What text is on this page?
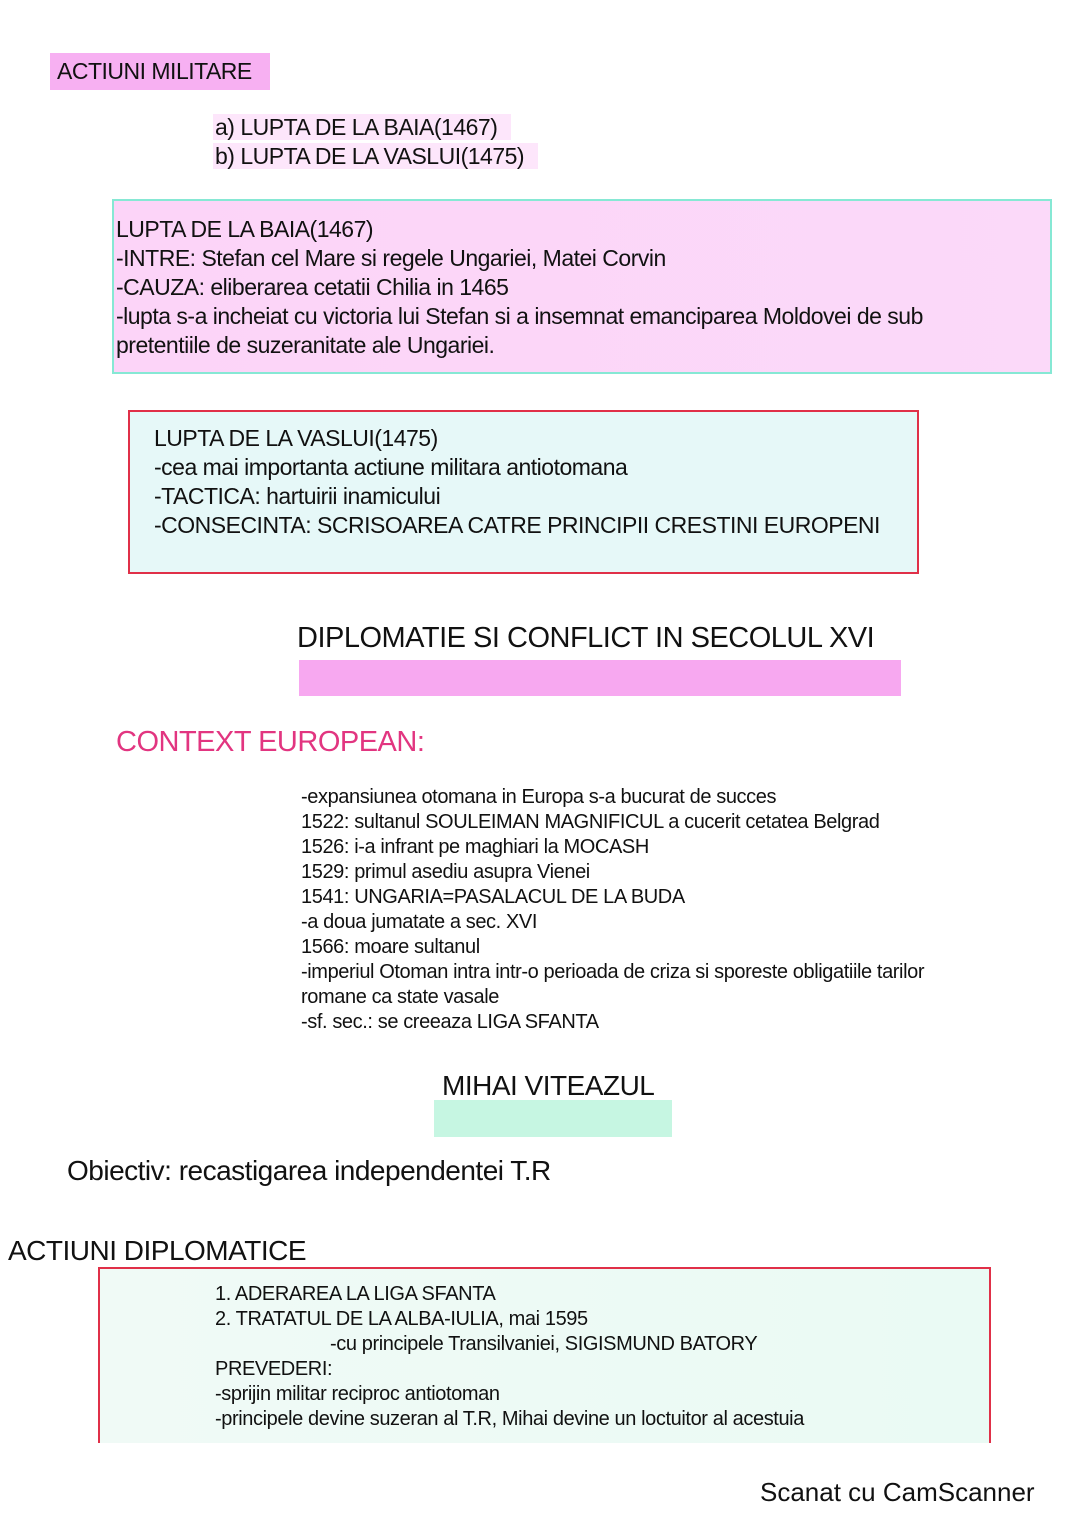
ACTIUNI MILITARE
a) LUPTA DE LA BAIA(1467)
b) LUPTA DE LA VASLUI(1475)
LUPTA DE LA BAIA(1467)
-INTRE: Stefan cel Mare si regele Ungariei, Matei Corvin
-CAUZA: eliberarea cetatii Chilia in 1465
-lupta s-a incheiat cu victoria lui Stefan si a insemnat emanciparea Moldovei de sub
pretentiile de suzeranitate ale Ungariei.
LUPTA DE LA VASLUI(1475)
-cea mai importanta actiune militara antiotomana
-TACTICA: hartuirii inamicului
-CONSECINTA: SCRISOAREA CATRE PRINCIPII CRESTINI EUROPENI
DIPLOMATIE SI CONFLICT IN SECOLUL XVI
CONTEXT EUROPEAN:
-expansiunea otomana in Europa s-a bucurat de succes
1522: sultanul SOULEIMAN MAGNIFICUL a cucerit cetatea Belgrad
1526: i-a infrant pe maghiari la MOCASH
1529: primul asediu asupra Vienei
1541: UNGARIA=PASALACUL DE LA BUDA
-a doua jumatate a sec. XVI
1566: moare sultanul
-imperiul Otoman intra intr-o perioada de criza si sporeste obligatiile tarilor
romane ca state vasale
-sf. sec.: se creeaza LIGA SFANTA
MIHAI VITEAZUL
Obiectiv: recastigarea independentei T.R
ACTIUNI DIPLOMATICE
1. ADERAREA LA LIGA SFANTA
2. TRATATUL DE LA ALBA-IULIA, mai 1595
-cu principele Transilvaniei, SIGISMUND BATORY
PREVEDERI:
-sprijin militar reciproc antiotoman
-principele devine suzeran al T.R, Mihai devine un loctuitor al acestuia
Scanat cu CamScanner
